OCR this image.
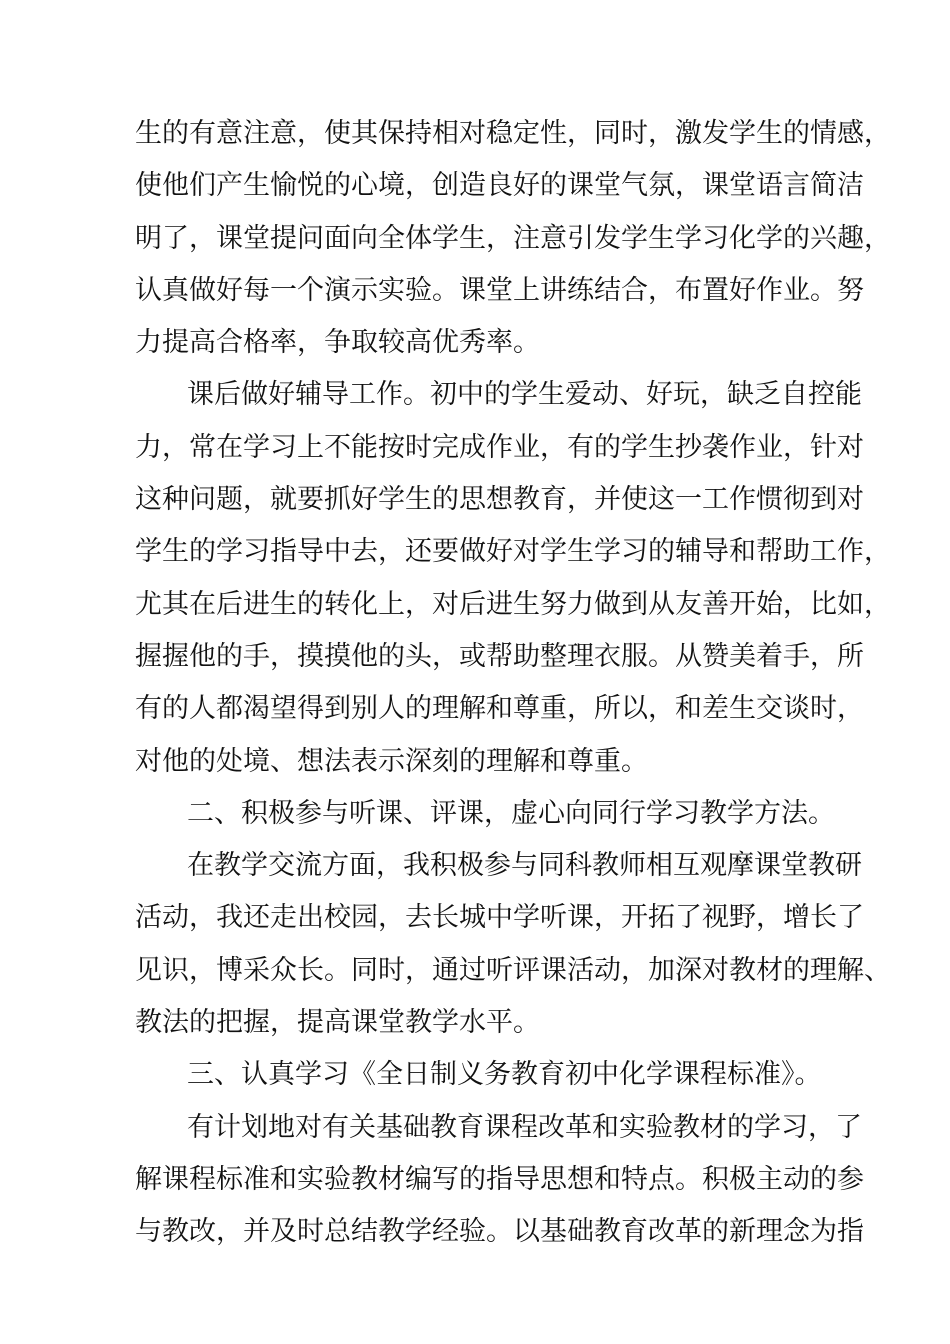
生的有意注意，使其保持相对稳定性，同时，激发学生的情感，
使他们产生愉悦的心境，创造良好的课堂气氛，课堂语言简洁
明了，课堂提问面向全体学生，注意引发学生学习化学的兴趣，
认真做好每一个演示实验。课堂上讲练结合，布置好作业。努
力提高合格率，争取较高优秀率。
课后做好辅导工作。初中的学生爱动、好玩，缺乏自控能
力，常在学习上不能按时完成作业，有的学生抄袭作业，针对
这种问题，就要抓好学生的思想教育，并使这一工作惯彻到对
学生的学习指导中去，还要做好对学生学习的辅导和帮助工作，
尤其在后进生的转化上，对后进生努力做到从友善开始，比如，
握握他的手，摸摸他的头，或帮助整理衣服。从赞美着手，所
有的人都渴望得到别人的理解和尊重，所以，和差生交谈时，
对他的处境、想法表示深刻的理解和尊重。
二、积极参与听课、评课，虚心向同行学习教学方法。
在教学交流方面，我积极参与同科教师相互观摩课堂教研
活动，我还走出校园，去长城中学听课，开拓了视野，增长了
见识，博采众长。同时，通过听评课活动，加深对教材的理解、
教法的把握，提高课堂教学水平。
三、认真学习《全日制义务教育初中化学课程标准》。
有计划地对有关基础教育课程改革和实验教材的学习，了
解课程标准和实验教材编写的指导思想和特点。积极主动的参
与教改，并及时总结教学经验。以基础教育改革的新理念为指
